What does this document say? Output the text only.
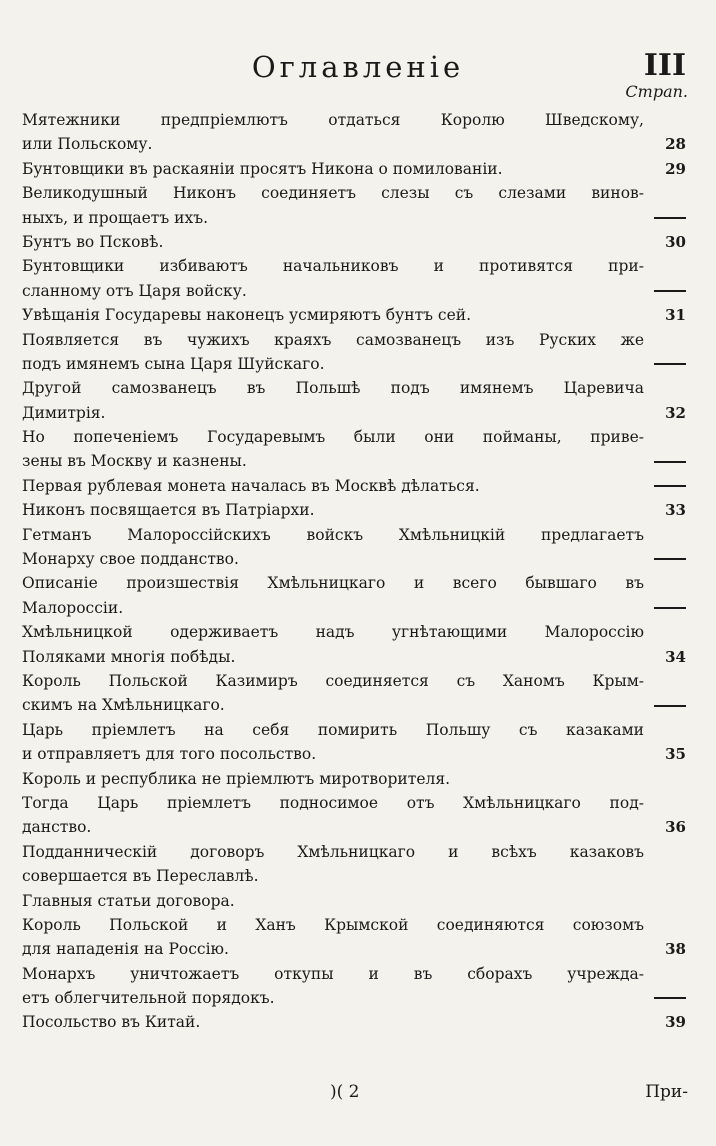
Оглавленіе	III
Страп.
Мятежники предпріемлютъ отдаться Королю Шведскому,
или Польскому.	28
Бунтовщики въ раскаяніи просятъ Никона о помилованіи.	29
Великодушный Никонъ соединяетъ слезы съ слезами винов-
ныхъ, и прощаетъ ихъ.
Бунтъ во Псковѣ.	30
Бунтовщики избиваютъ начальниковъ и противятся при-
сланному отъ Царя войску.
Увѣщанія Государевы наконецъ усмиряютъ бунтъ сей.	31
Появляется въ чужихъ краяхъ самозванецъ изъ Руских же
подъ имянемъ сына Царя Шуйскаго.
Другой самозванецъ въ Польшѣ подъ имянемъ Царевича
Димитрія.	32
Но попеченіемъ Государевымъ были они пойманы, приве-
зены въ Москву и казнены.
Первая рублевая монета началась въ Москвѣ дѣлаться.
Никонъ посвящается въ Патріархи.	33
Гетманъ Малороссійскихъ войскъ Хмѣльницкій предлагаетъ
Монарху свое подданство.
Описаніе произшествія Хмѣльницкаго и всего бывшаго въ
Малороссіи.
Хмѣльницкой одерживаетъ надъ угнѣтающими Малороссію
Поляками многія побѣды.	34
Король Польской Казимиръ соединяется съ Ханомъ Крым-
скимъ на Хмѣльницкаго.
Царь пріемлетъ на себя помирить Польшу съ казаками
и отправляетъ для того посольство.	35
Король и республика не пріемлютъ миротворителя.
Тогда Царь пріемлетъ подносимое отъ Хмѣльницкаго под-
данство.	36
Подданническій договоръ Хмѣльницкаго и всѣхъ казаковъ
совершается въ Переславлѣ.
Главныя статьи договора.
Король Польской и Ханъ Крымской соединяются союзомъ
для нападенія на Россію.	38
Монархъ уничтожаетъ откупы и въ сборахъ учрежда-
етъ облегчительной порядокъ.
Посольство въ Китай.	39
)( 2	При-
